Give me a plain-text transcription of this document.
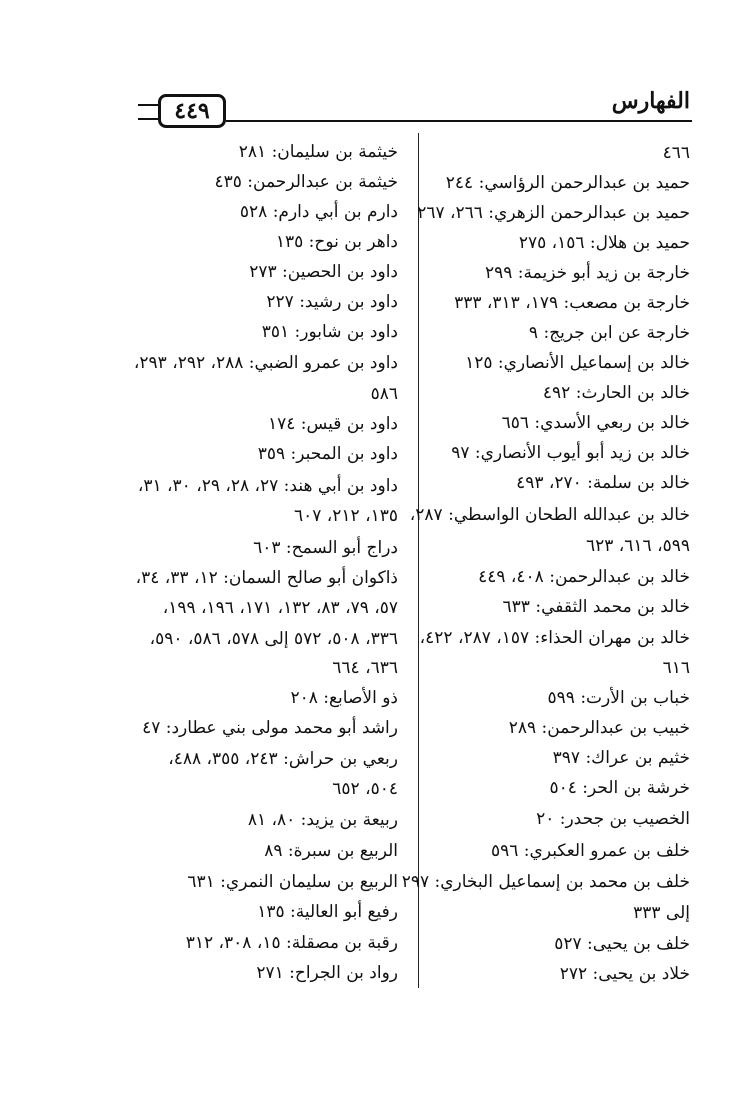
الفهارس
٤٤٩
٤٦٦
حميد بن عبدالرحمن الرؤاسي: ٢٤٤
حميد بن عبدالرحمن الزهري: ٢٦٦، ٢٦٧
حميد بن هلال: ١٥٦، ٢٧٥
خارجة بن زيد أبو خزيمة: ٢٩٩
خارجة بن مصعب: ١٧٩، ٣١٣، ٣٣٣
خارجة عن ابن جريج: ٩
خالد بن إسماعيل الأنصاري: ١٢٥
خالد بن الحارث: ٤٩٢
خالد بن ربعي الأسدي: ٦٥٦
خالد بن زيد أبو أيوب الأنصاري: ٩٧
خالد بن سلمة: ٢٧٠، ٤٩٣
خالد بن عبدالله الطحان الواسطي: ٢٨٧،
٥٩٩، ٦١٦، ٦٢٣
خالد بن عبدالرحمن: ٤٠٨، ٤٤٩
خالد بن محمد الثقفي: ٦٣٣
خالد بن مهران الحذاء: ١٥٧، ٢٨٧، ٤٢٢،
٦١٦
خباب بن الأرت: ٥٩٩
خبيب بن عبدالرحمن: ٢٨٩
خثيم بن عراك: ٣٩٧
خرشة بن الحر: ٥٠٤
الخصيب بن جحدر: ٢٠
خلف بن عمرو العكبري: ٥٩٦
خلف بن محمد بن إسماعيل البخاري: ٢٩٧
إلى ٣٣٣
خلف بن يحيى: ٥٢٧
خلاد بن يحيى: ٢٧٢
خيثمة بن سليمان: ٢٨١
خيثمة بن عبدالرحمن: ٤٣٥
دارم بن أبي دارم: ٥٢٨
داهر بن نوح: ١٣٥
داود بن الحصين: ٢٧٣
داود بن رشيد: ٢٢٧
داود بن شابور: ٣٥١
داود بن عمرو الضبي: ٢٨٨، ٢٩٢، ٢٩٣،
٥٨٦
داود بن قيس: ١٧٤
داود بن المحبر: ٣٥٩
داود بن أبي هند: ٢٧، ٢٨، ٢٩، ٣٠، ٣١،
١٣٥، ٢١٢، ٦٠٧
دراج أبو السمح: ٦٠٣
ذاكوان أبو صالح السمان: ١٢، ٣٣، ٣٤،
٥٧، ٧٩، ٨٣، ١٣٢، ١٧١، ١٩٦، ١٩٩،
٣٣٦، ٥٠٨، ٥٧٢ إلى ٥٧٨، ٥٨٦، ٥٩٠،
٦٣٦، ٦٦٤
ذو الأصابع: ٢٠٨
راشد أبو محمد مولى بني عطارد: ٤٧
ربعي بن حراش: ٢٤٣، ٣٥٥، ٤٨٨،
٥٠٤، ٦٥٢
ربيعة بن يزيد: ٨٠، ٨١
الربيع بن سبرة: ٨٩
الربيع بن سليمان النمري: ٦٣١
رفيع أبو العالية: ١٣٥
رقبة بن مصقلة: ١٥، ٣٠٨، ٣١٢
رواد بن الجراح: ٢٧١
